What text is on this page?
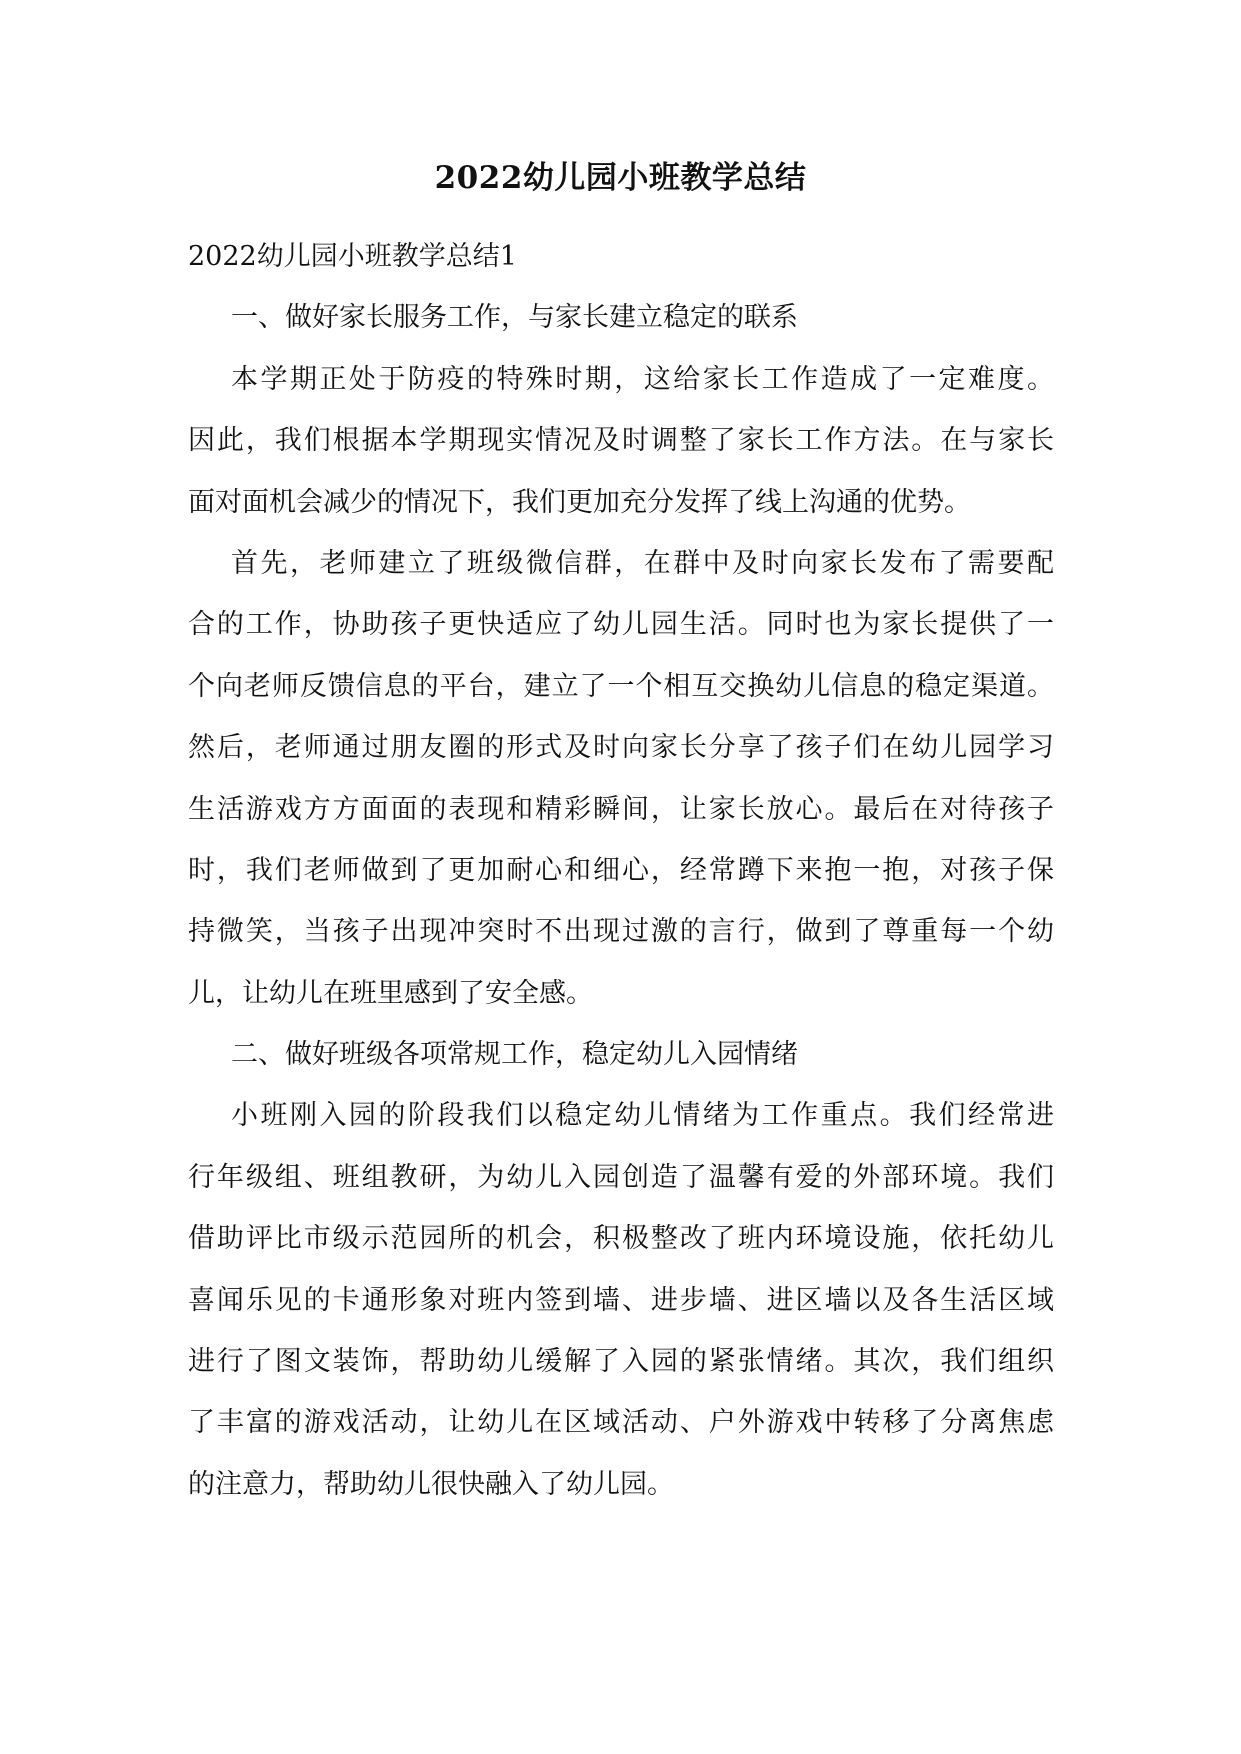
2022幼儿园小班教学总结

2022幼儿园小班教学总结1

一、做好家长服务工作，与家长建立稳定的联系

本学期正处于防疫的特殊时期，这给家长工作造成了一定难度。

因此，我们根据本学期现实情况及时调整了家长工作方法。在与家长

面对面机会减少的情况下，我们更加充分发挥了线上沟通的优势。

首先，老师建立了班级微信群，在群中及时向家长发布了需要配

合的工作，协助孩子更快适应了幼儿园生活。同时也为家长提供了一

个向老师反馈信息的平台，建立了一个相互交换幼儿信息的稳定渠道。

然后，老师通过朋友圈的形式及时向家长分享了孩子们在幼儿园学习

生活游戏方方面面的表现和精彩瞬间，让家长放心。最后在对待孩子

时，我们老师做到了更加耐心和细心，经常蹲下来抱一抱，对孩子保

持微笑，当孩子出现冲突时不出现过激的言行，做到了尊重每一个幼

儿，让幼儿在班里感到了安全感。

二、做好班级各项常规工作，稳定幼儿入园情绪

小班刚入园的阶段我们以稳定幼儿情绪为工作重点。我们经常进

行年级组、班组教研，为幼儿入园创造了温馨有爱的外部环境。我们

借助评比市级示范园所的机会，积极整改了班内环境设施，依托幼儿

喜闻乐见的卡通形象对班内签到墙、进步墙、进区墙以及各生活区域

进行了图文装饰，帮助幼儿缓解了入园的紧张情绪。其次，我们组织

了丰富的游戏活动，让幼儿在区域活动、户外游戏中转移了分离焦虑

的注意力，帮助幼儿很快融入了幼儿园。
